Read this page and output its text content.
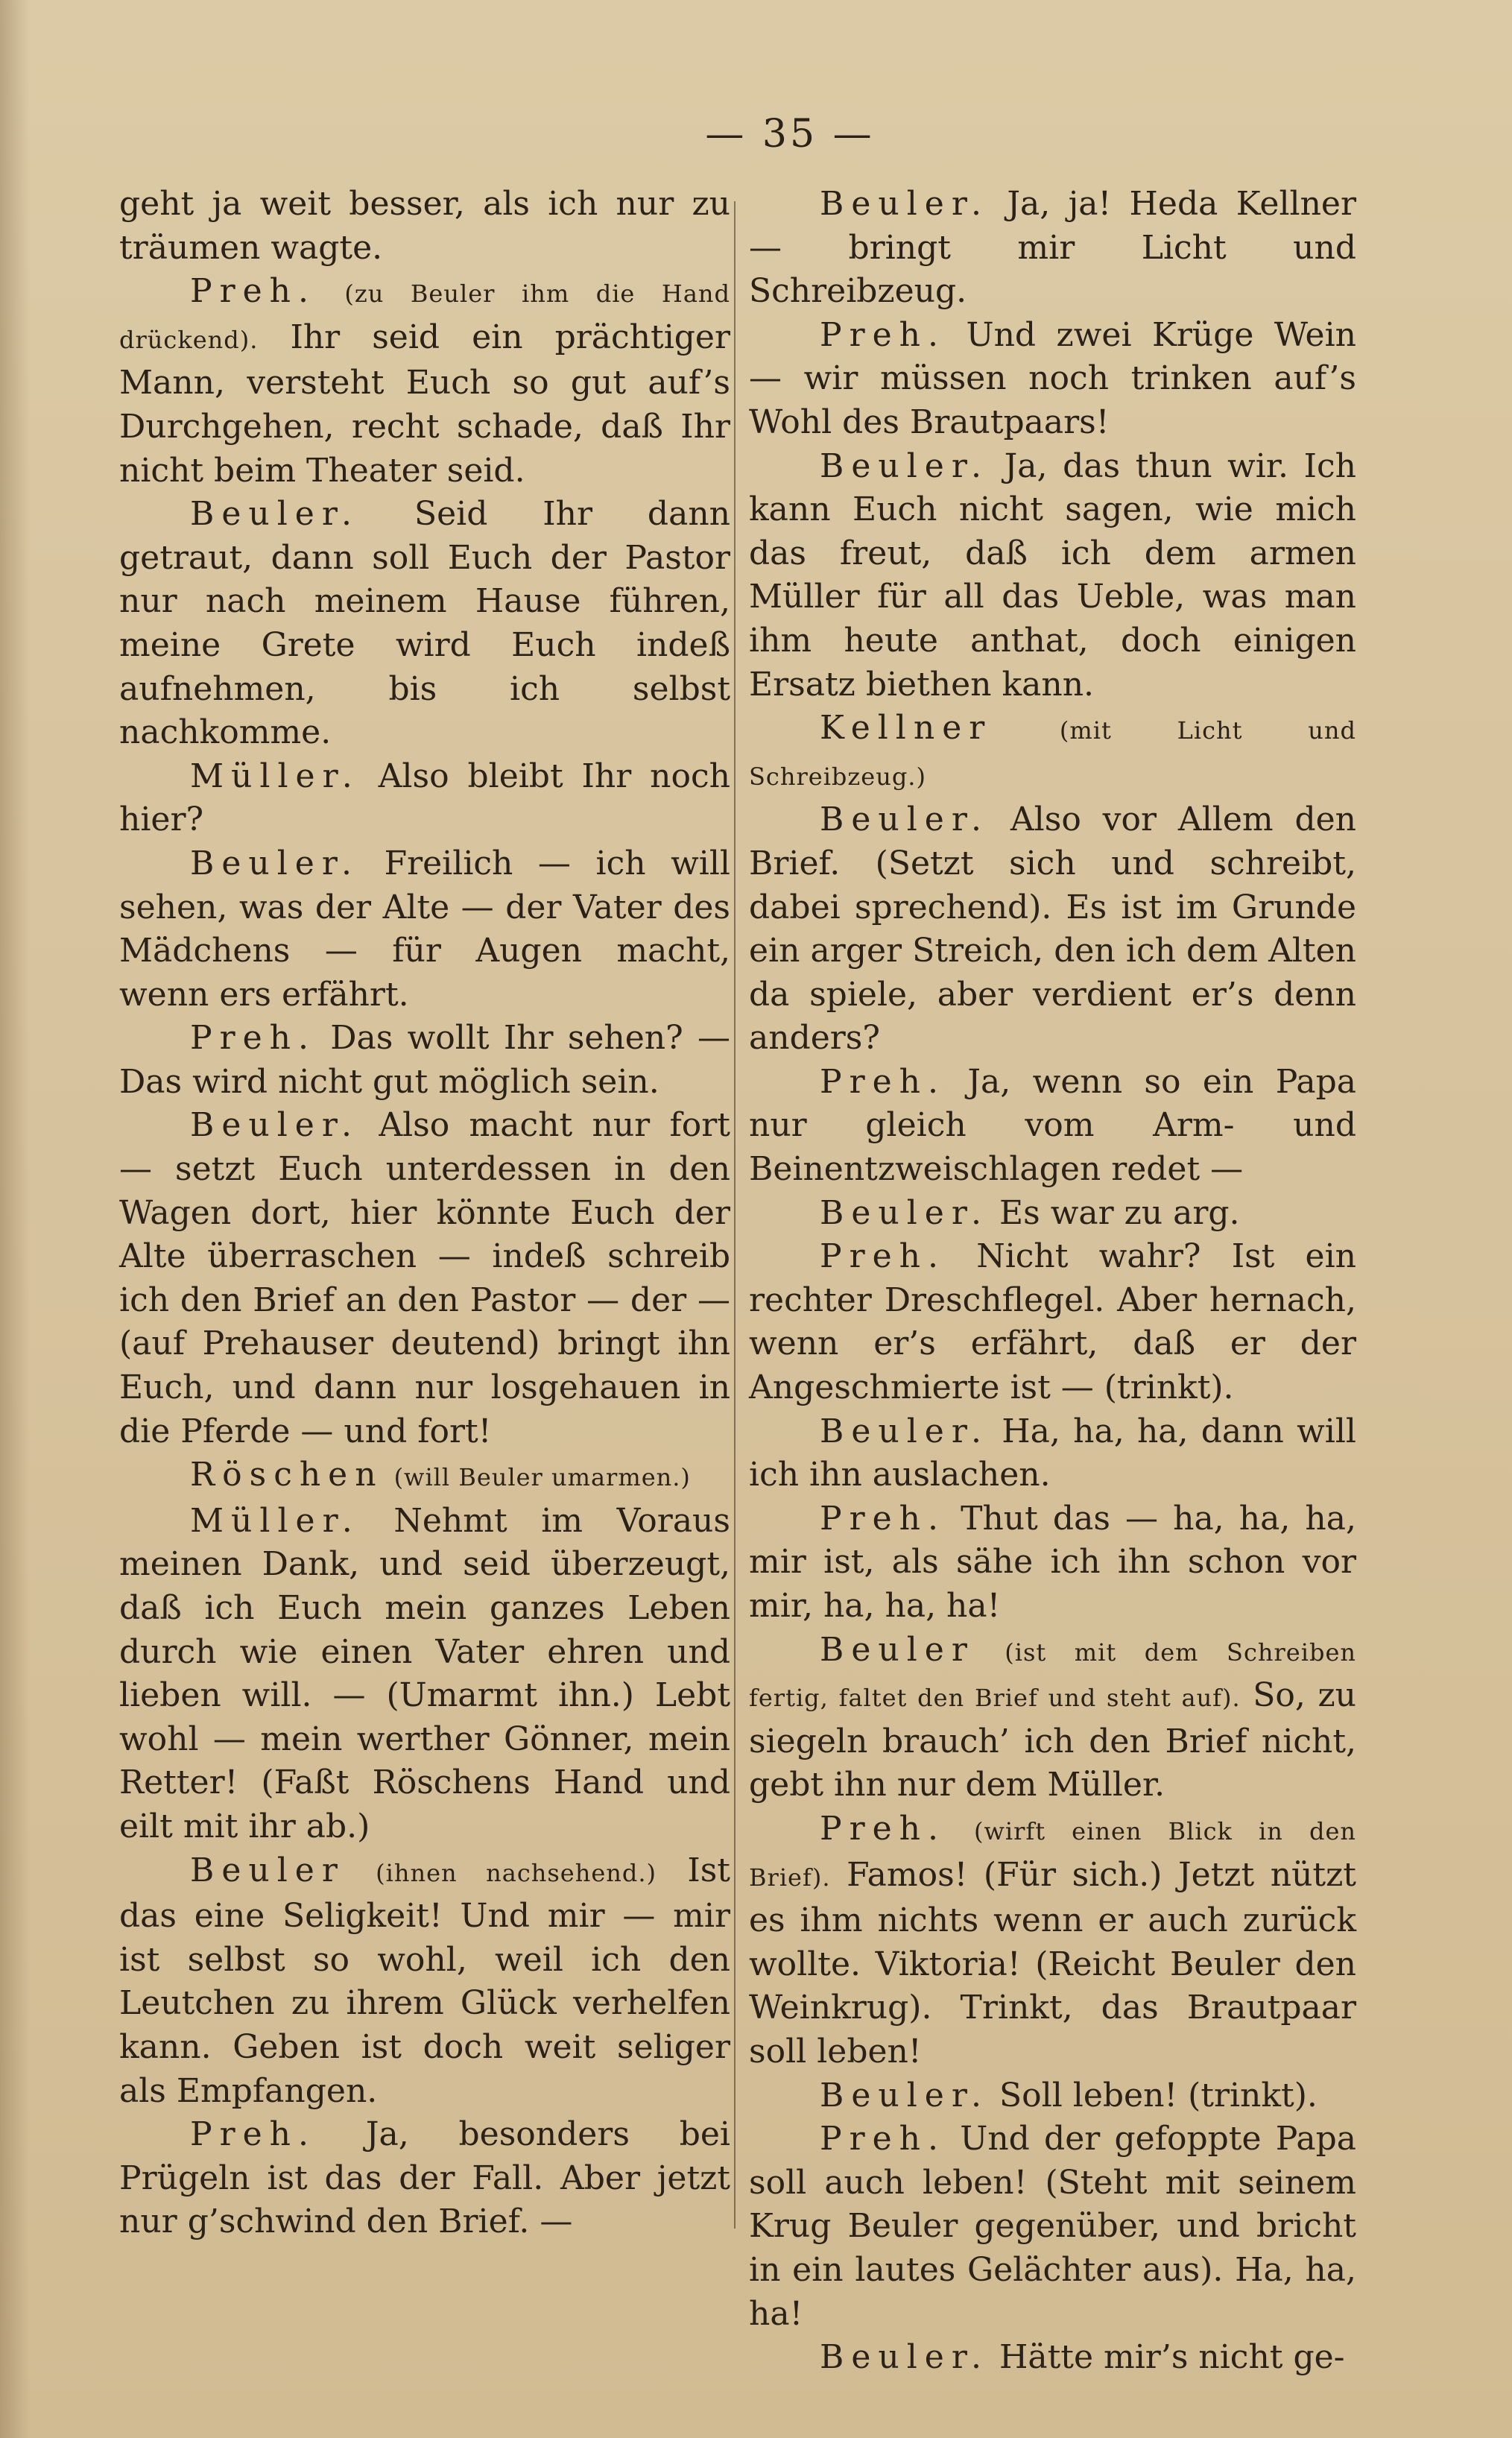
— 35 —

geht ja weit besser, als ich nur zu träumen wagte.

Preh. (zu Beuler ihm die Hand drückend). Ihr seid ein prächtiger Mann, versteht Euch so gut auf’s Durchgehen, recht schade, daß Ihr nicht beim Theater seid.

Beuler. Seid Ihr dann getraut, dann soll Euch der Pastor nur nach meinem Hause führen, meine Grete wird Euch indeß aufnehmen, bis ich selbst nachkomme.

Müller. Also bleibt Ihr noch hier?

Beuler. Freilich — ich will sehen, was der Alte — der Vater des Mädchens — für Augen macht, wenn ers erfährt.

Preh. Das wollt Ihr sehen? — Das wird nicht gut möglich sein.

Beuler. Also macht nur fort — setzt Euch unterdessen in den Wagen dort, hier könnte Euch der Alte überraschen — indeß schreib ich den Brief an den Pastor — der — (auf Prehauser deutend) bringt ihn Euch, und dann nur losgehauen in die Pferde — und fort!

Röschen (will Beuler umarmen.)

Müller. Nehmt im Voraus meinen Dank, und seid überzeugt, daß ich Euch mein ganzes Leben durch wie einen Vater ehren und lieben will. — (Umarmt ihn.) Lebt wohl — mein werther Gönner, mein Retter! (Faßt Röschens Hand und eilt mit ihr ab.)

Beuler (ihnen nachsehend.) Ist das eine Seligkeit! Und mir — mir ist selbst so wohl, weil ich den Leutchen zu ihrem Glück verhelfen kann. Geben ist doch weit seliger als Empfangen.

Preh. Ja, besonders bei Prügeln ist das der Fall. Aber jetzt nur g’schwind den Brief. —

Beuler. Ja, ja! Heda Kellner — bringt mir Licht und Schreibzeug.

Preh. Und zwei Krüge Wein — wir müssen noch trinken auf’s Wohl des Brautpaars!

Beuler. Ja, das thun wir. Ich kann Euch nicht sagen, wie mich das freut, daß ich dem armen Müller für all das Ueble, was man ihm heute anthat, doch einigen Ersatz biethen kann.

Kellner	(mit Licht und Schreibzeug.)

Beuler. Also vor Allem den Brief. (Setzt sich und schreibt, dabei sprechend). Es ist im Grunde ein arger Streich, den ich dem Alten da spiele, aber verdient er’s denn anders?

Preh. Ja, wenn so ein Papa nur gleich vom Arm- und Beinentzweischlagen redet —

Beuler. Es war zu arg.

Preh. Nicht wahr? Ist ein rechter Dreschflegel. Aber hernach, wenn er’s erfährt, daß er der Angeschmierte ist — (trinkt).

Beuler. Ha, ha, ha, dann will ich ihn auslachen.

Preh. Thut das — ha, ha, ha, mir ist, als sähe ich ihn schon vor mir, ha, ha, ha!

Beuler (ist mit dem Schreiben fertig, faltet den Brief und steht auf). So, zu siegeln brauch’ ich den Brief nicht, gebt ihn nur dem Müller.

Preh. (wirft einen Blick in den Brief). Famos! (Für sich.) Jetzt nützt es ihm nichts wenn er auch zurück wollte. Viktoria! (Reicht Beuler den Weinkrug). Trinkt, das Brautpaar soll leben!

Beuler. Soll leben! (trinkt).

Preh. Und der gefoppte Papa soll auch leben! (Steht mit seinem Krug Beuler gegenüber, und bricht in ein lautes Gelächter aus). Ha, ha, ha!

Beuler. Hätte mir’s nicht ge-
